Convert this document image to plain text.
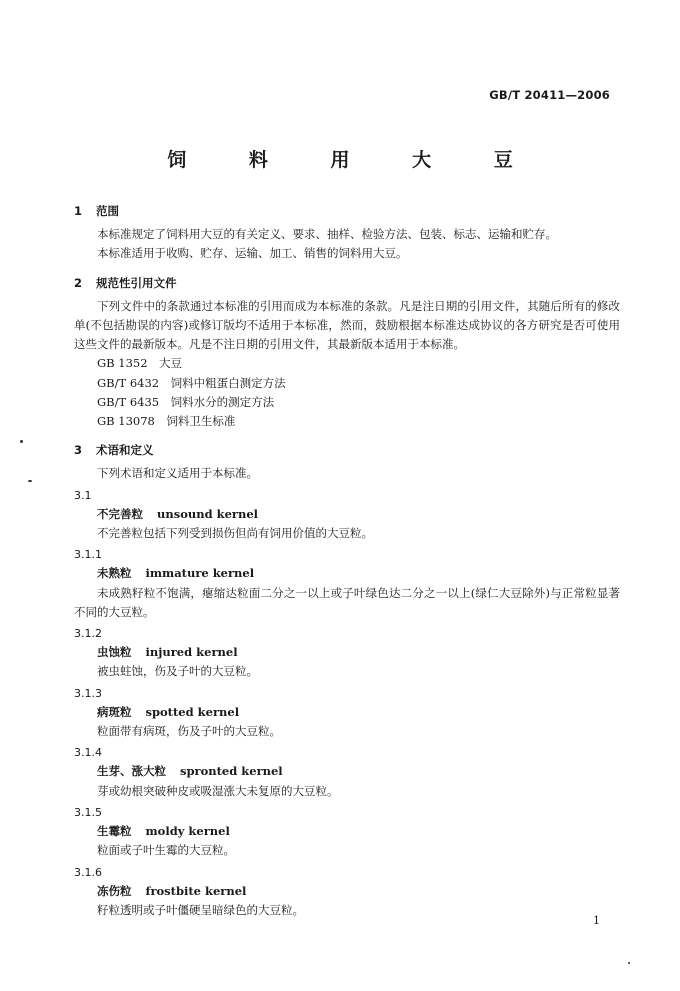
GB/T 20411—2006
饲 料 用 大 豆
1 范围
本标准规定了饲料用大豆的有关定义、要求、抽样、检验方法、包装、标志、运输和贮存。
本标准适用于收购、贮存、运输、加工、销售的饲料用大豆。
2 规范性引用文件
下列文件中的条款通过本标准的引用而成为本标准的条款。凡是注日期的引用文件，其随后所有的修改单(不包括勘误的内容)或修订版均不适用于本标准，然而，鼓励根据本标准达成协议的各方研究是否可使用这些文件的最新版本。凡是不注日期的引用文件，其最新版本适用于本标准。
GB 1352　大豆
GB/T 6432　饲料中粗蛋白测定方法
GB/T 6435　饲料水分的测定方法
GB 13078　饲料卫生标准
3 术语和定义
下列术语和定义适用于本标准。
3.1
不完善粒 unsound kernel
不完善粒包括下列受到损伤但尚有饲用价值的大豆粒。
3.1.1
未熟粒 immature kernel
未成熟籽粒不饱满，瘪缩达粒面二分之一以上或子叶绿色达二分之一以上(绿仁大豆除外)与正常粒显著不同的大豆粒。
3.1.2
虫蚀粒 injured kernel
被虫蛀蚀，伤及子叶的大豆粒。
3.1.3
病斑粒 spotted kernel
粒面带有病斑，伤及子叶的大豆粒。
3.1.4
生芽、涨大粒 spronted kernel
芽或幼根突破种皮或吸湿涨大未复原的大豆粒。
3.1.5
生霉粒 moldy kernel
粒面或子叶生霉的大豆粒。
3.1.6
冻伤粒 frostbite kernel
籽粒透明或子叶僵硬呈暗绿色的大豆粒。
1
